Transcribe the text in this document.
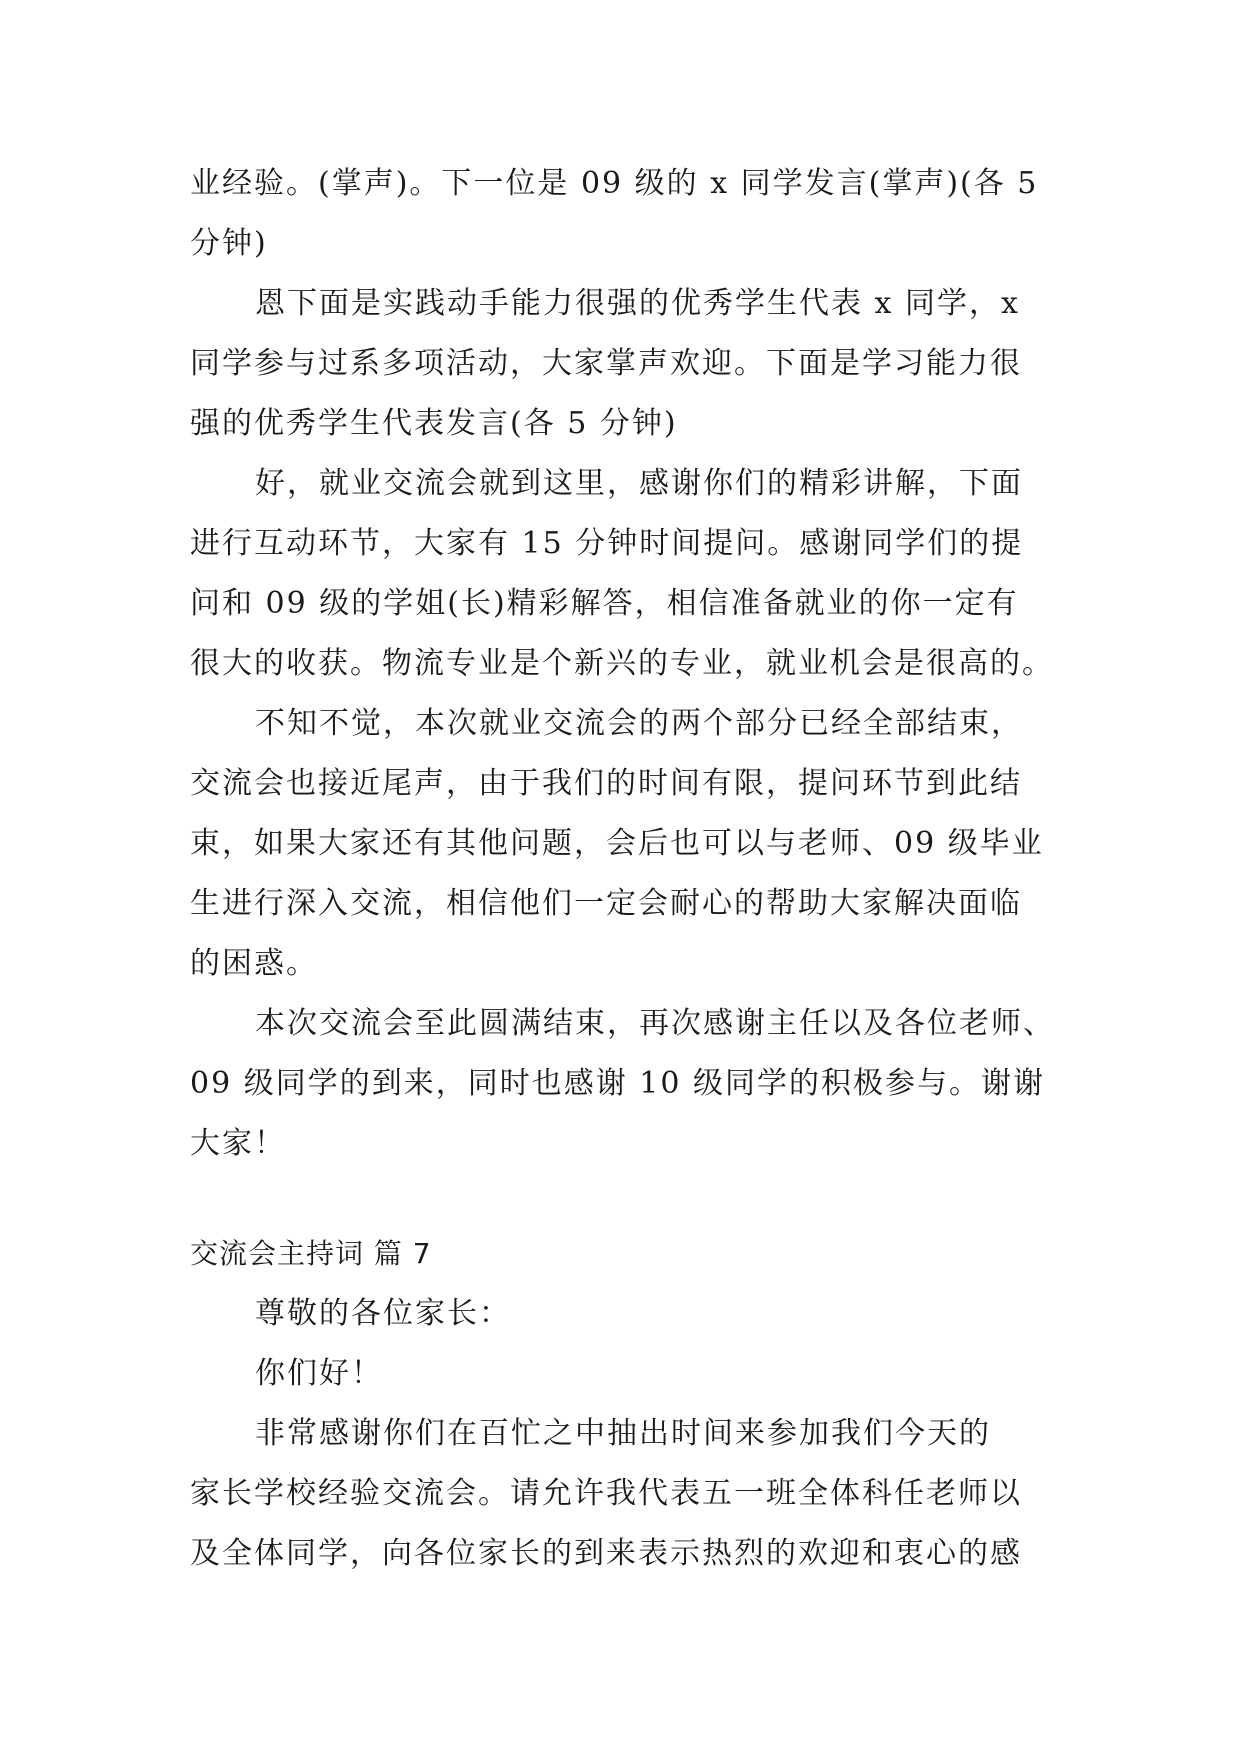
业经验。(掌声)。下一位是 09 级的 x 同学发言(掌声)(各 5
分钟)
恩下面是实践动手能力很强的优秀学生代表 x 同学，x
同学参与过系多项活动，大家掌声欢迎。下面是学习能力很
强的优秀学生代表发言(各 5 分钟)
好，就业交流会就到这里，感谢你们的精彩讲解，下面
进行互动环节，大家有 15 分钟时间提问。感谢同学们的提
问和 09 级的学姐(长)精彩解答，相信准备就业的你一定有
很大的收获。物流专业是个新兴的专业，就业机会是很高的。
不知不觉，本次就业交流会的两个部分已经全部结束，
交流会也接近尾声，由于我们的时间有限，提问环节到此结
束，如果大家还有其他问题，会后也可以与老师、09 级毕业
生进行深入交流，相信他们一定会耐心的帮助大家解决面临
的困惑。
本次交流会至此圆满结束，再次感谢主任以及各位老师、
09 级同学的到来，同时也感谢 10 级同学的积极参与。谢谢
大家！
交流会主持词 篇 7
尊敬的各位家长：
你们好！
非常感谢你们在百忙之中抽出时间来参加我们今天的
家长学校经验交流会。请允许我代表五一班全体科任老师以
及全体同学，向各位家长的到来表示热烈的欢迎和衷心的感
